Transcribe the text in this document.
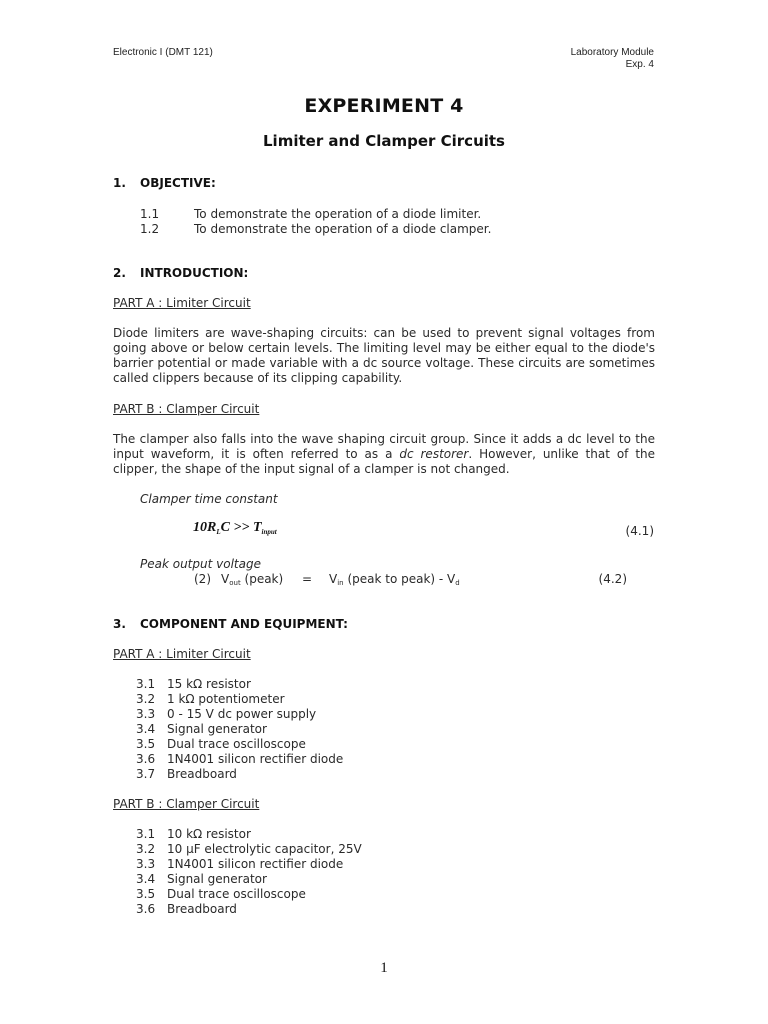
Electronic I (DMT 121)	Laboratory Module
Exp. 4
EXPERIMENT 4
Limiter and Clamper Circuits
1. OBJECTIVE:
1.1	To demonstrate the operation of a diode limiter.
1.2	To demonstrate the operation of a diode clamper.
2. INTRODUCTION:
PART A : Limiter Circuit
Diode limiters are wave-shaping circuits: can be used to prevent signal voltages from going above or below certain levels. The limiting level may be either equal to the diode's barrier potential or made variable with a dc source voltage. These circuits are sometimes called clippers because of its clipping capability.
PART B : Clamper Circuit
The clamper also falls into the wave shaping circuit group. Since it adds a dc level to the input waveform, it is often referred to as a dc restorer. However, unlike that of the clipper, the shape of the input signal of a clamper is not changed.
Clamper time constant
$10R_LC >> T_{input}$	(4.1)
Peak output voltage
(2) $V_{out}$ (peak) = $V_{in}$ (peak to peak) - $V_d$	(4.2)
3. COMPONENT AND EQUIPMENT:
PART A : Limiter Circuit
3.1 15 kΩ resistor
3.2 1 kΩ potentiometer
3.3 0 - 15 V dc power supply
3.4 Signal generator
3.5 Dual trace oscilloscope
3.6 1N4001 silicon rectifier diode
3.7 Breadboard
PART B : Clamper Circuit
3.1 10 kΩ resistor
3.2 10 µF electrolytic capacitor, 25V
3.3 1N4001 silicon rectifier diode
3.4 Signal generator
3.5 Dual trace oscilloscope
3.6 Breadboard
1
